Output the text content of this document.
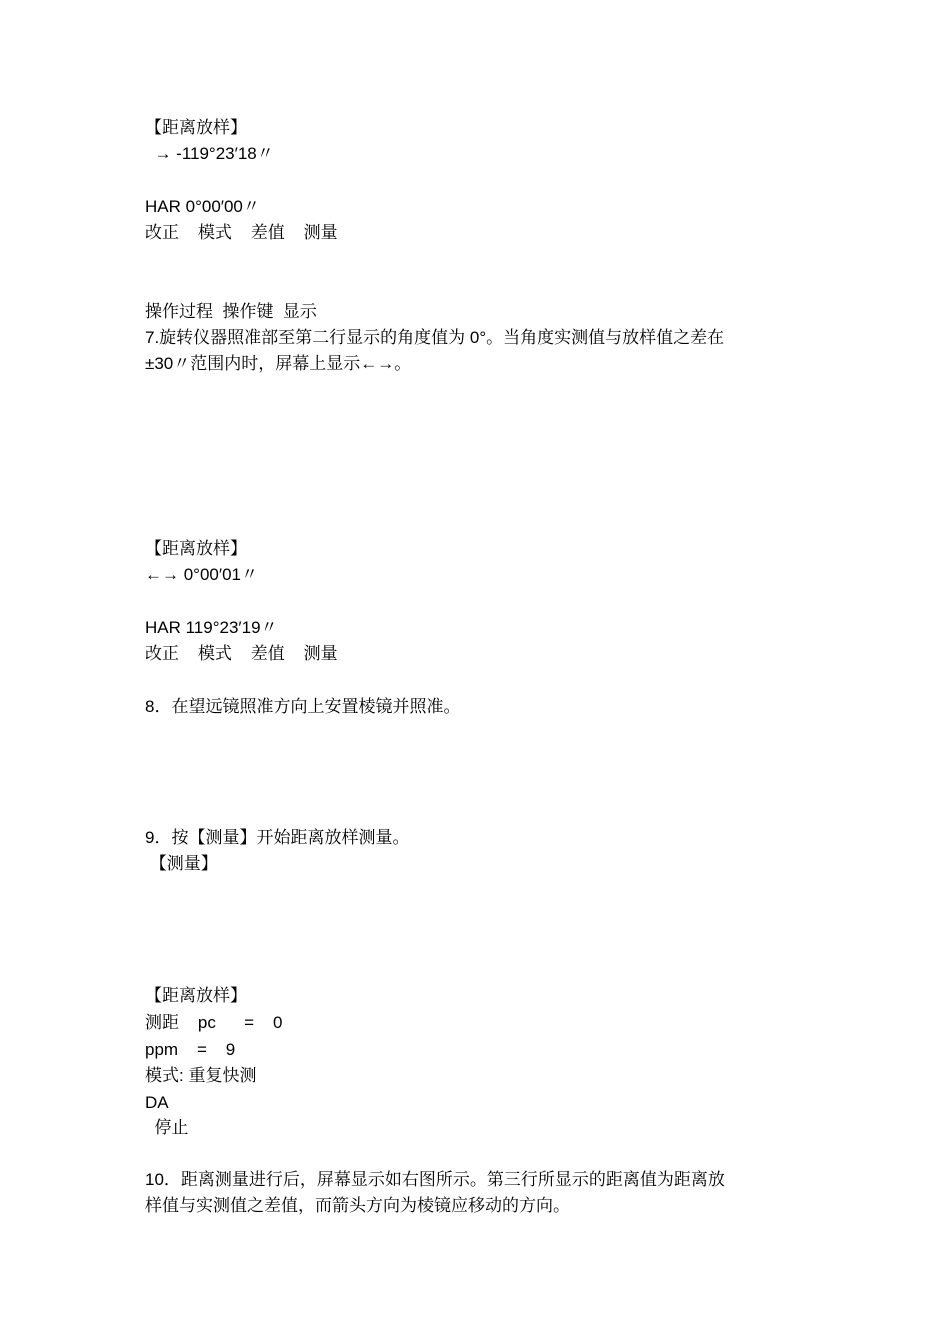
【距离放样】
→ -119°23′18〃
HAR 0°00′00〃
改正    模式    差值    测量
操作过程  操作键  显示
7.旋转仪器照准部至第二行显示的角度值为 0°。当角度实测值与放样值之差在
±30〃范围内时，屏幕上显示←→。
【距离放样】
←→ 0°00′01〃
HAR 119°23′19〃
改正    模式    差值    测量
8．在望远镜照准方向上安置棱镜并照准。
9．按【测量】开始距离放样测量。
【测量】
【距离放样】
测距    pc      =    0
ppm    =    9
模式: 重复快测
DA
停止
10．距离测量进行后，屏幕显示如右图所示。第三行所显示的距离值为距离放
样值与实测值之差值，而箭头方向为棱镜应移动的方向。
